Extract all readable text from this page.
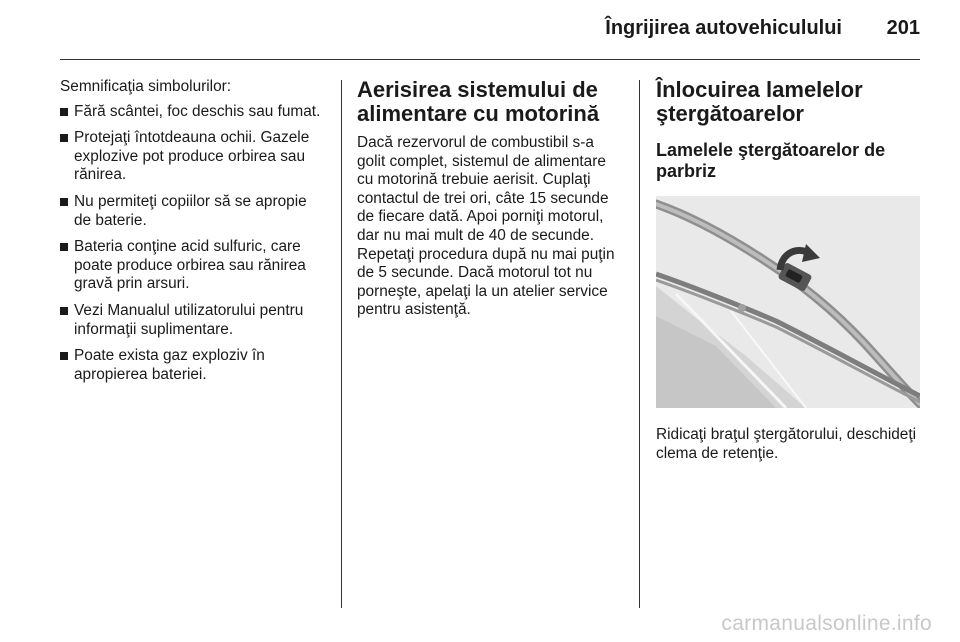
Îngrijirea autovehiculului 201

Semnificaţia simbolurilor:

Fără scântei, foc deschis sau fumat.
Protejaţi întotdeauna ochii. Gazele explozive pot produce orbirea sau rănirea.
Nu permiteţi copiilor să se apropie de baterie.
Bateria conţine acid sulfuric, care poate produce orbirea sau rănirea gravă prin arsuri.
Vezi Manualul utilizatorului pentru informaţii suplimentare.
Poate exista gaz exploziv în apropierea bateriei.
Aerisirea sistemului de alimentare cu motorină

Dacă rezervorul de combustibil s-a golit complet, sistemul de alimentare cu motorină trebuie aerisit. Cuplaţi contactul de trei ori, câte 15 secunde de fiecare dată. Apoi porniţi motorul, dar nu mai mult de 40 de secunde. Repetaţi procedura după nu mai puţin de 5 secunde. Dacă motorul tot nu porneşte, apelaţi la un atelier service pentru asistenţă.

Înlocuirea lamelelor ştergătoarelor
Lamelele ştergătoarelor de parbriz

Ridicaţi braţul ştergătorului, deschideţi clema de retenţie.

carmanualsonline.info
